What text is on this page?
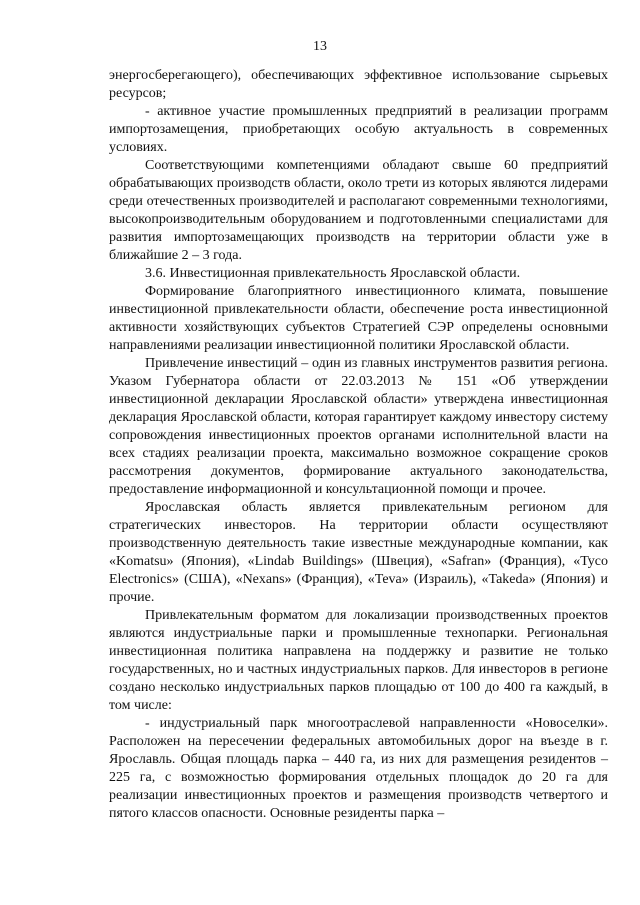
13

энергосберегающего), обеспечивающих эффективное использование сырьевых ресурсов;

- активное участие промышленных предприятий в реализации программ импортозамещения, приобретающих особую актуальность в современных условиях.

Соответствующими компетенциями обладают свыше 60 предприятий обрабатывающих производств области, около трети из которых являются лидерами среди отечественных производителей и располагают современными технологиями, высокопроизводительным оборудованием и подготовленными специалистами для развития импортозамещающих производств на территории области уже в ближайшие 2 – 3 года.

3.6. Инвестиционная привлекательность Ярославской области.

Формирование благоприятного инвестиционного климата, повышение инвестиционной привлекательности области, обеспечение роста инвестиционной активности хозяйствующих субъектов Стратегией СЭР определены основными направлениями реализации инвестиционной политики Ярославской области.

Привлечение инвестиций – один из главных инструментов развития региона. Указом Губернатора области от 22.03.2013 № 151 «Об утверждении инвестиционной декларации Ярославской области» утверждена инвестиционная декларация Ярославской области, которая гарантирует каждому инвестору систему сопровождения инвестиционных проектов органами исполнительной власти на всех стадиях реализации проекта, максимально возможное сокращение сроков рассмотрения документов, формирование актуального законодательства, предоставление информационной и консультационной помощи и прочее.

Ярославская область является привлекательным регионом для стратегических инвесторов. На территории области осуществляют производственную деятельность такие известные международные компании, как «Komatsu» (Япония), «Lindab Buildings» (Швеция), «Safran» (Франция), «Tyco Electronics» (США), «Nexans» (Франция), «Teva» (Израиль), «Takeda» (Япония) и прочие.

Привлекательным форматом для локализации производственных проектов являются индустриальные парки и промышленные технопарки. Региональная инвестиционная политика направлена на поддержку и развитие не только государственных, но и частных индустриальных парков. Для инвесторов в регионе создано несколько индустриальных парков площадью от 100 до 400 га каждый, в том числе:

- индустриальный парк многоотраслевой направленности «Новоселки». Расположен на пересечении федеральных автомобильных дорог на въезде в г. Ярославль. Общая площадь парка – 440 га, из них для размещения резидентов – 225 га, с возможностью формирования отдельных площадок до 20 га для реализации инвестиционных проектов и размещения производств четвертого и пятого классов опасности. Основные резиденты парка –
